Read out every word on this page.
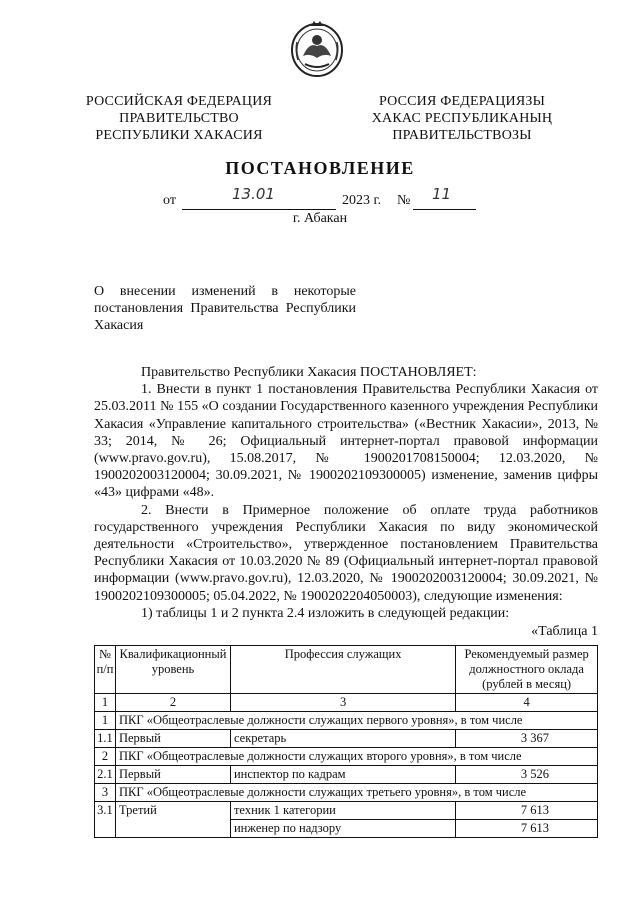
РОССИЙСКАЯ ФЕДЕРАЦИЯ
ПРАВИТЕЛЬСТВО
РЕСПУБЛИКИ ХАКАСИЯ
РОССИЯ ФЕДЕРАЦИЯЗЫ
ХАКАС РЕСПУБЛИКАНЫҢ
ПРАВИТЕЛЬСТВОЗЫ
ПОСТАНОВЛЕНИЕ
от	13.01	2023 г. № 11
г. Абакан
О внесении изменений в некоторые
постановления Правительства Республики
Хакасия
Правительство Республики Хакасия ПОСТАНОВЛЯЕТ:
1. Внести в пункт 1 постановления Правительства Республики Хакасия от 25.03.2011 № 155 «О создании Государственного казенного учреждения Республики Хакасия «Управление капитального строительства» («Вестник Хакасии», 2013, № 33; 2014, № 26; Официальный интернет-портал правовой информации (www.pravo.gov.ru), 15.08.2017, № 1900201708150004; 12.03.2020, № 1900202003120004; 30.09.2021, № 1900202109300005) изменение, заменив цифры «43» цифрами «48».
2. Внести в Примерное положение об оплате труда работников государственного учреждения Республики Хакасия по виду экономической деятельности «Строительство», утвержденное постановлением Правительства Республики Хакасия от 10.03.2020 № 89 (Официальный интернет-портал правовой информации (www.pravo.gov.ru), 12.03.2020, № 1900202003120004; 30.09.2021, № 1900202109300005; 05.04.2022, № 1900202204050003), следующие изменения:
1) таблицы 1 и 2 пункта 2.4 изложить в следующей редакции:
«Таблица 1
№ п/п	Квалификационный уровень	Профессия служащих	Рекомендуемый размер должностного оклада (рублей в месяц)
1	2	3	4
1	ПКГ «Общеотраслевые должности служащих первого уровня», в том числе		
1.1	Первый	секретарь	3 367
2	ПКГ «Общеотраслевые должности служащих второго уровня», в том числе		
2.1	Первый	инспектор по кадрам	3 526
3	ПКГ «Общеотраслевые должности служащих третьего уровня», в том числе		
3.1	Третий	техник 1 категории	7 613
		инженер по надзору	7 613
